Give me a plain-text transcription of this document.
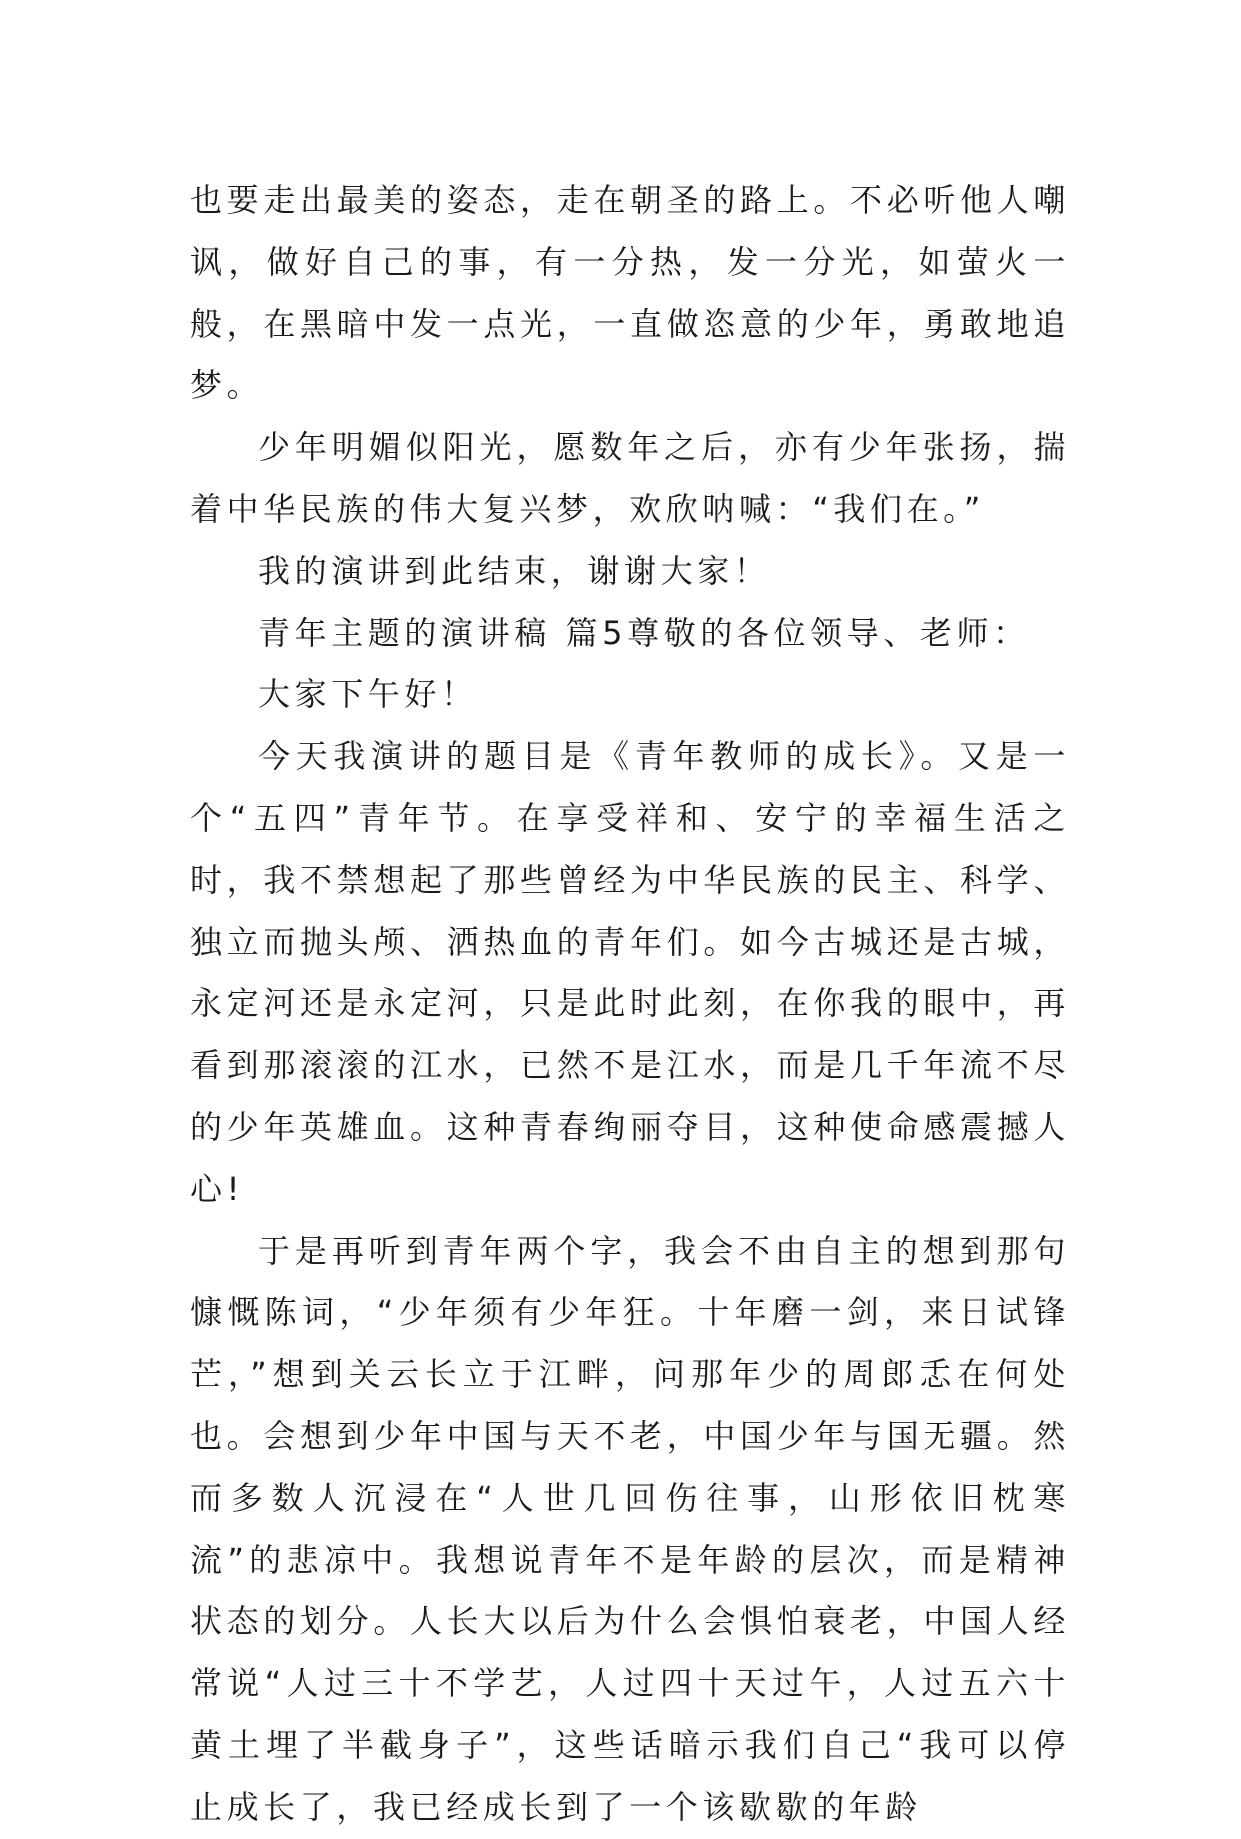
也要走出最美的姿态，走在朝圣的路上。不必听他人嘲讽，做好自己的事，有一分热，发一分光，如萤火一般，在黑暗中发一点光，一直做恣意的少年，勇敢地追梦。

少年明媚似阳光，愿数年之后，亦有少年张扬，揣着中华民族的伟大复兴梦，欢欣呐喊：“我们在。”

我的演讲到此结束，谢谢大家！

青年主题的演讲稿 篇5尊敬的各位领导、老师：

大家下午好！

今天我演讲的题目是《青年教师的成长》。又是一个“五四”青年节。在享受祥和、安宁的幸福生活之时，我不禁想起了那些曾经为中华民族的民主、科学、独立而抛头颅、洒热血的青年们。如今古城还是古城，永定河还是永定河，只是此时此刻，在你我的眼中，再看到那滚滚的江水，已然不是江水，而是几千年流不尽的少年英雄血。这种青春绚丽夺目，这种使命感震撼人心!

于是再听到青年两个字，我会不由自主的想到那句慷慨陈词，“少年须有少年狂。十年磨一剑，来日试锋芒，”想到关云长立于江畔，问那年少的周郎忎在何处也。会想到少年中国与天不老，中国少年与国无疆。然而多数人沉浸在“人世几回伤往事，山形依旧枕寒流”的悲凉中。我想说青年不是年龄的层次，而是精神状态的划分。人长大以后为什么会惧怕衰老，中国人经常说“人过三十不学艺，人过四十天过午，人过五六十黄土埋了半截身子”，这些话暗示我们自己“我可以停止成长了，我已经成长到了一个该歇歇的年龄
